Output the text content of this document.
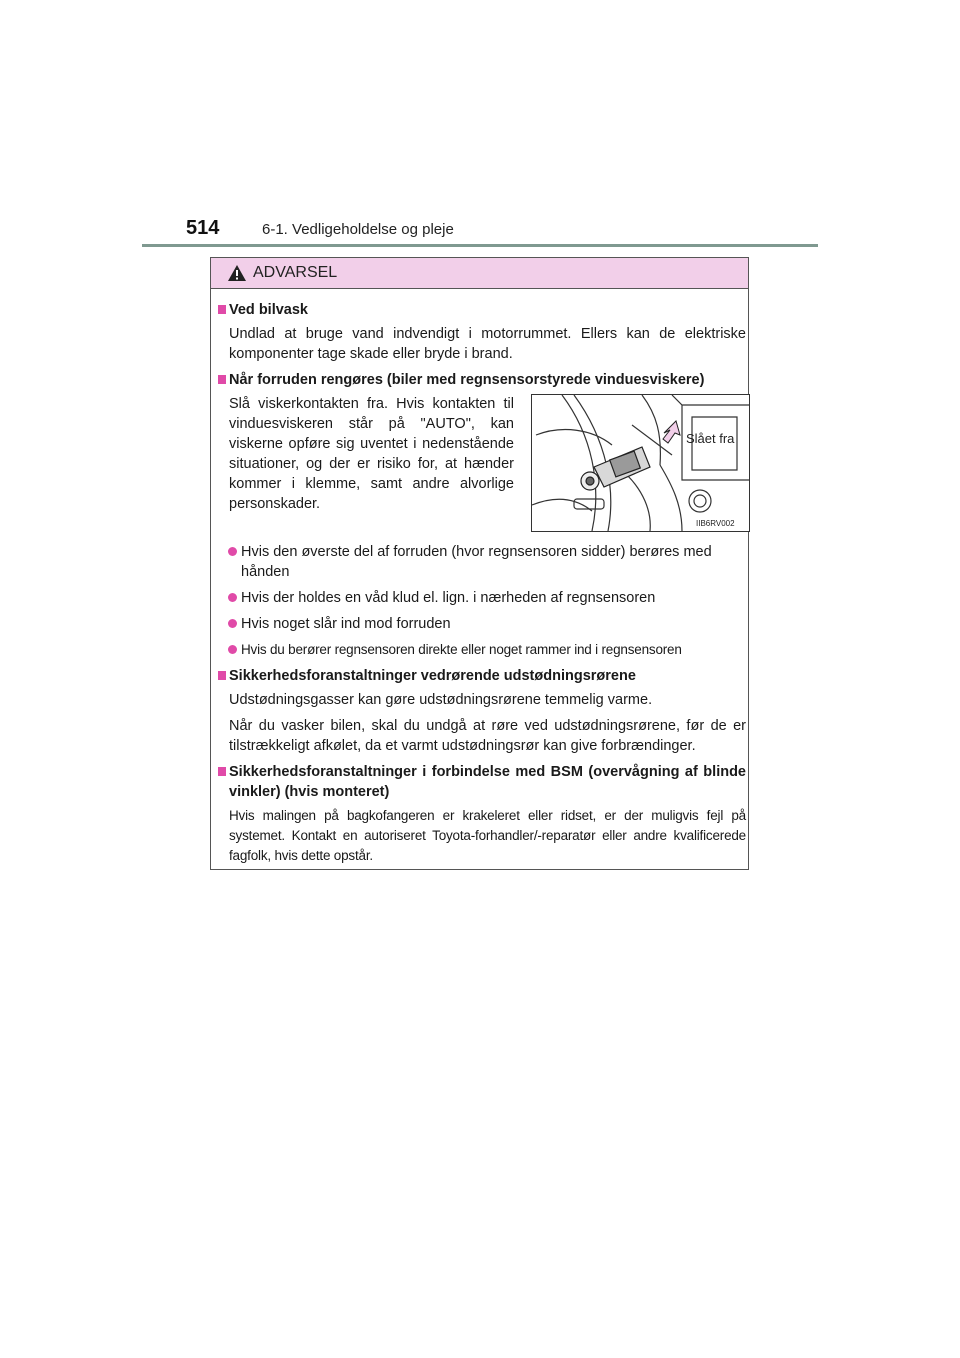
514	6-1. Vedligeholdelse og pleje
ADVARSEL
Ved bilvask
Undlad at bruge vand indvendigt i motorrummet. Ellers kan de elektriske komponenter tage skade eller bryde i brand.
Når forruden rengøres (biler med regnsensorstyrede vinduesviskere)
Slå viskerkontakten fra. Hvis kontakten til vinduesviskeren står på "AUTO", kan viskerne opføre sig uventet i nedenstående situationer, og der er risiko for, at hænder kommer i klemme, samt andre alvorlige personskader.
Slået fra
IIB6RV002
Hvis den øverste del af forruden (hvor regnsensoren sidder) berøres med hånden
Hvis der holdes en våd klud el. lign. i nærheden af regnsensoren
Hvis noget slår ind mod forruden
Hvis du berører regnsensoren direkte eller noget rammer ind i regnsensoren
Sikkerhedsforanstaltninger vedrørende udstødningsrørene
Udstødningsgasser kan gøre udstødningsrørene temmelig varme.
Når du vasker bilen, skal du undgå at røre ved udstødningsrørene, før de er tilstrækkeligt afkølet, da et varmt udstødningsrør kan give forbrændinger.
Sikkerhedsforanstaltninger i forbindelse med BSM (overvågning af blinde vinkler) (hvis monteret)
Hvis malingen på bagkofangeren er krakeleret eller ridset, er der muligvis fejl på systemet. Kontakt en autoriseret Toyota-forhandler/-reparatør eller andre kvalificerede fagfolk, hvis dette opstår.
